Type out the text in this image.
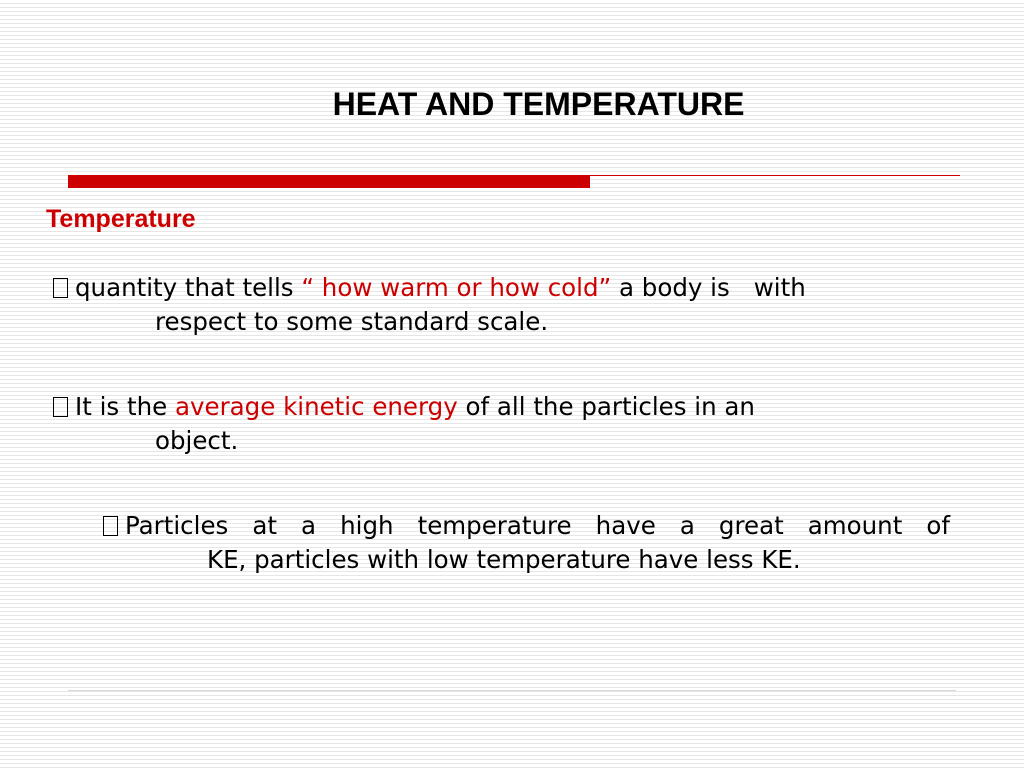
HEAT AND TEMPERATURE
Temperature
quantity that tells “ how warm or how cold” a body is with
respect to some standard scale.
It is the average kinetic energy of all the particles in an
object.
Particles at a high temperature have a great amount of
KE, particles with low temperature have less KE.
